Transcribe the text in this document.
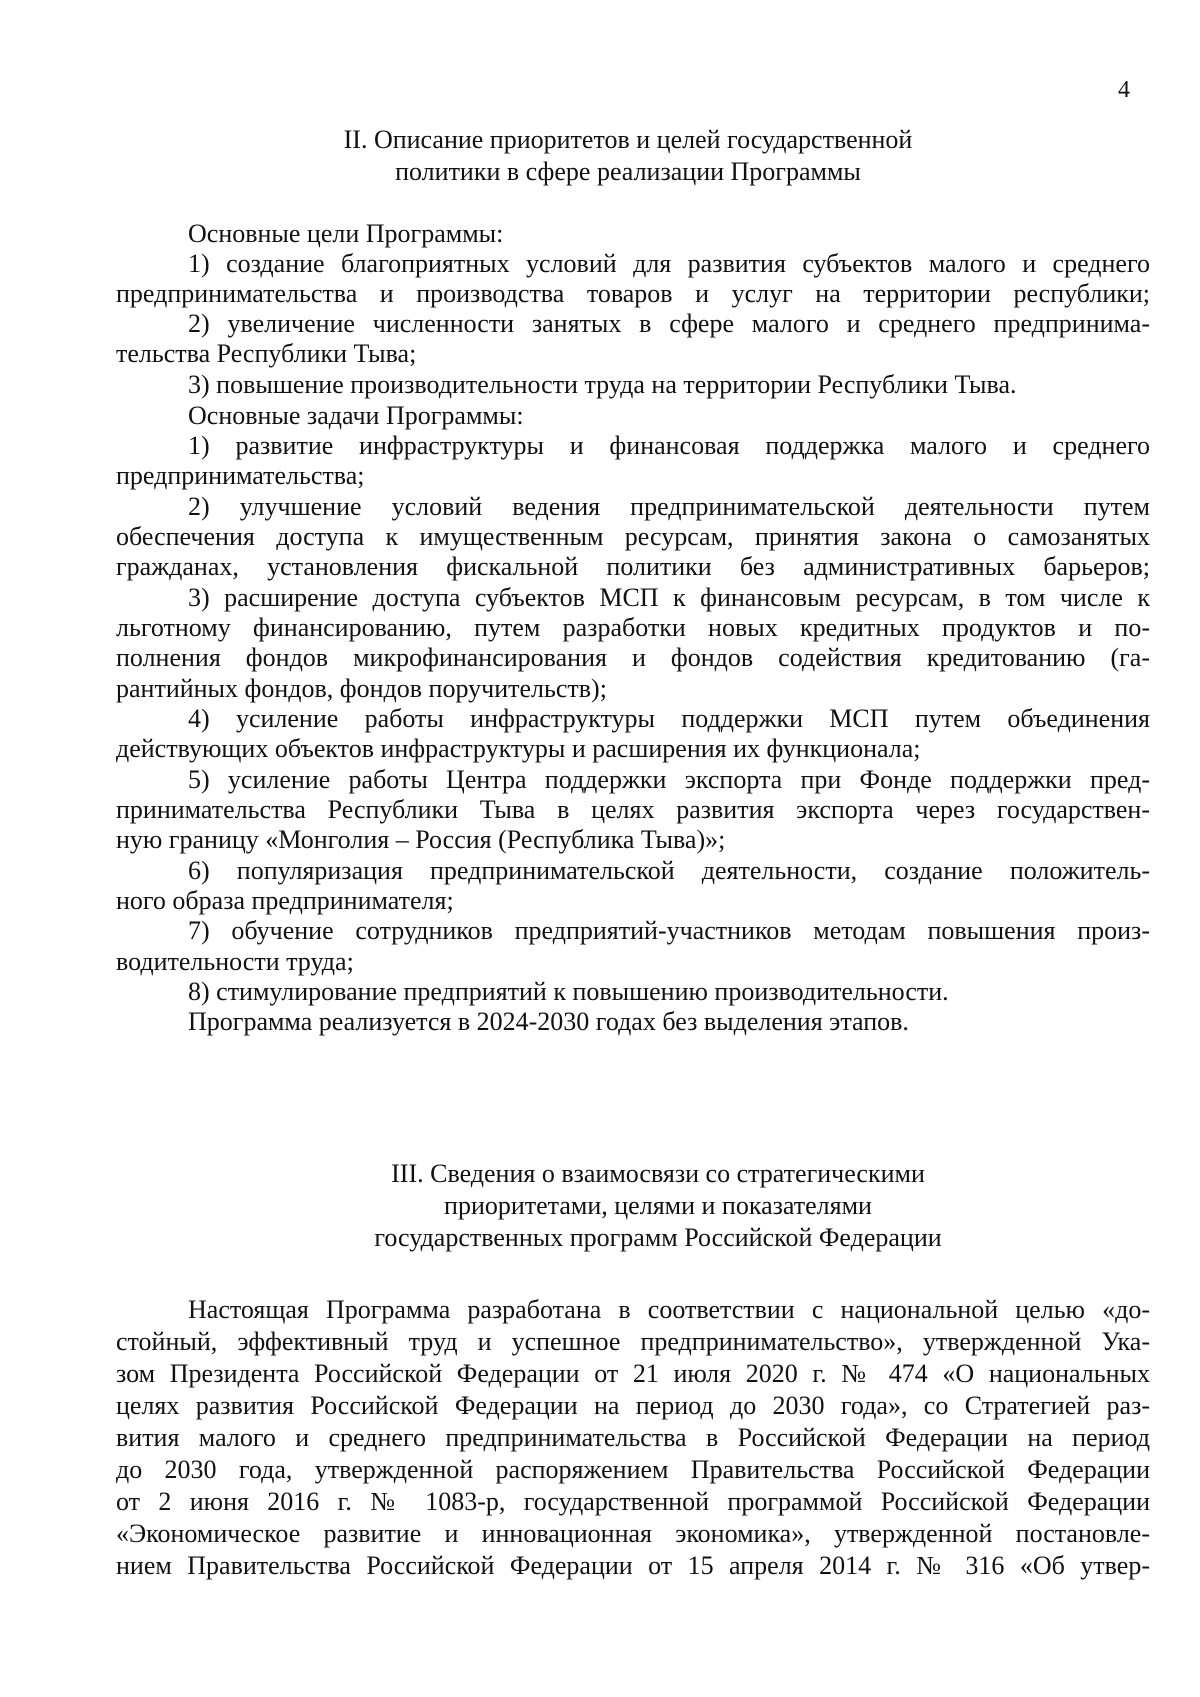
4
II. Описание приоритетов и целей государственной
политики в сфере реализации Программы
Основные цели Программы:
1) создание благоприятных условий для развития субъектов малого и среднего
предпринимательства и производства товаров и услуг на территории республики;
2) увеличение численности занятых в сфере малого и среднего предпринима-
тельства Республики Тыва;
3) повышение производительности труда на территории Республики Тыва.
Основные задачи Программы:
1) развитие инфраструктуры и финансовая поддержка малого и среднего
предпринимательства;
2) улучшение условий ведения предпринимательской деятельности путем
обеспечения доступа к имущественным ресурсам, принятия закона о самозанятых
гражданах, установления фискальной политики без административных барьеров;
3) расширение доступа субъектов МСП к финансовым ресурсам, в том числе к
льготному финансированию, путем разработки новых кредитных продуктов и по-
полнения фондов микрофинансирования и фондов содействия кредитованию (га-
рантийных фондов, фондов поручительств);
4) усиление работы инфраструктуры поддержки МСП путем объединения
действующих объектов инфраструктуры и расширения их функционала;
5) усиление работы Центра поддержки экспорта при Фонде поддержки пред-
принимательства Республики Тыва в целях развития экспорта через государствен-
ную границу «Монголия – Россия (Республика Тыва)»;
6) популяризация предпринимательской деятельности, создание положитель-
ного образа предпринимателя;
7) обучение сотрудников предприятий-участников методам повышения произ-
водительности труда;
8) стимулирование предприятий к повышению производительности.
Программа реализуется в 2024-2030 годах без выделения этапов.
III. Сведения о взаимосвязи со стратегическими
приоритетами, целями и показателями
государственных программ Российской Федерации
Настоящая Программа разработана в соответствии с национальной целью «до-
стойный, эффективный труд и успешное предпринимательство», утвержденной Ука-
зом Президента Российской Федерации от 21 июля 2020 г. № 474 «О национальных
целях развития Российской Федерации на период до 2030 года», со Стратегией раз-
вития малого и среднего предпринимательства в Российской Федерации на период
до 2030 года, утвержденной распоряжением Правительства Российской Федерации
от 2 июня 2016 г. № 1083-р, государственной программой Российской Федерации
«Экономическое развитие и инновационная экономика», утвержденной постановле-
нием Правительства Российской Федерации от 15 апреля 2014 г. № 316 «Об утвер-
